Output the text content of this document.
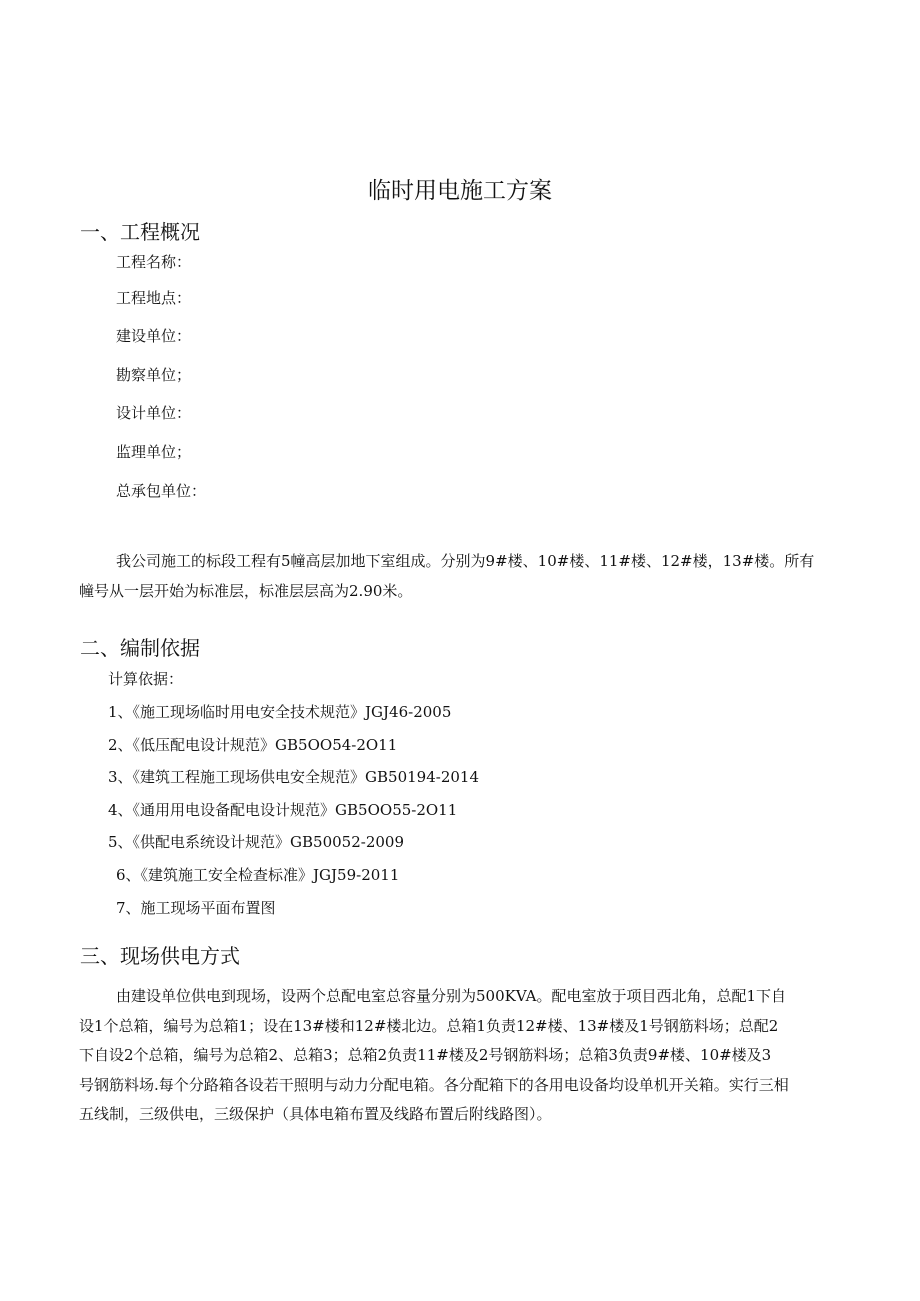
临时用电施工方案
一、工程概况
工程名称：
工程地点：
建设单位：
勘察单位；
设计单位：
监理单位；
总承包单位：
我公司施工的标段工程有5幢高层加地下室组成。分别为9#楼、10#楼、11#楼、12#楼，13#楼。所有
幢号从一层开始为标准层，标准层层高为2.90米。
二、编制依据
计算依据：
1、《施工现场临时用电安全技术规范》JGJ46-2005
2、《低压配电设计规范》GB5OO54-2O11
3、《建筑工程施工现场供电安全规范》GB50194-2014
4、《通用用电设备配电设计规范》GB5OO55-2O11
5、《供配电系统设计规范》GB50052-2009
6、《建筑施工安全检查标准》JGJ59-2011
7、施工现场平面布置图
三、现场供电方式
由建设单位供电到现场，设两个总配电室总容量分别为500KVA。配电室放于项目西北角，总配1下自
设1个总箱，编号为总箱1；设在13#楼和12#楼北边。总箱1负责12#楼、13#楼及1号钢筋料场；总配2
下自设2个总箱，编号为总箱2、总箱3；总箱2负责11#楼及2号钢筋料场；总箱3负责9#楼、10#楼及3
号钢筋料场.每个分路箱各设若干照明与动力分配电箱。各分配箱下的各用电设备均设单机开关箱。实行三相
五线制，三级供电，三级保护（具体电箱布置及线路布置后附线路图）。
